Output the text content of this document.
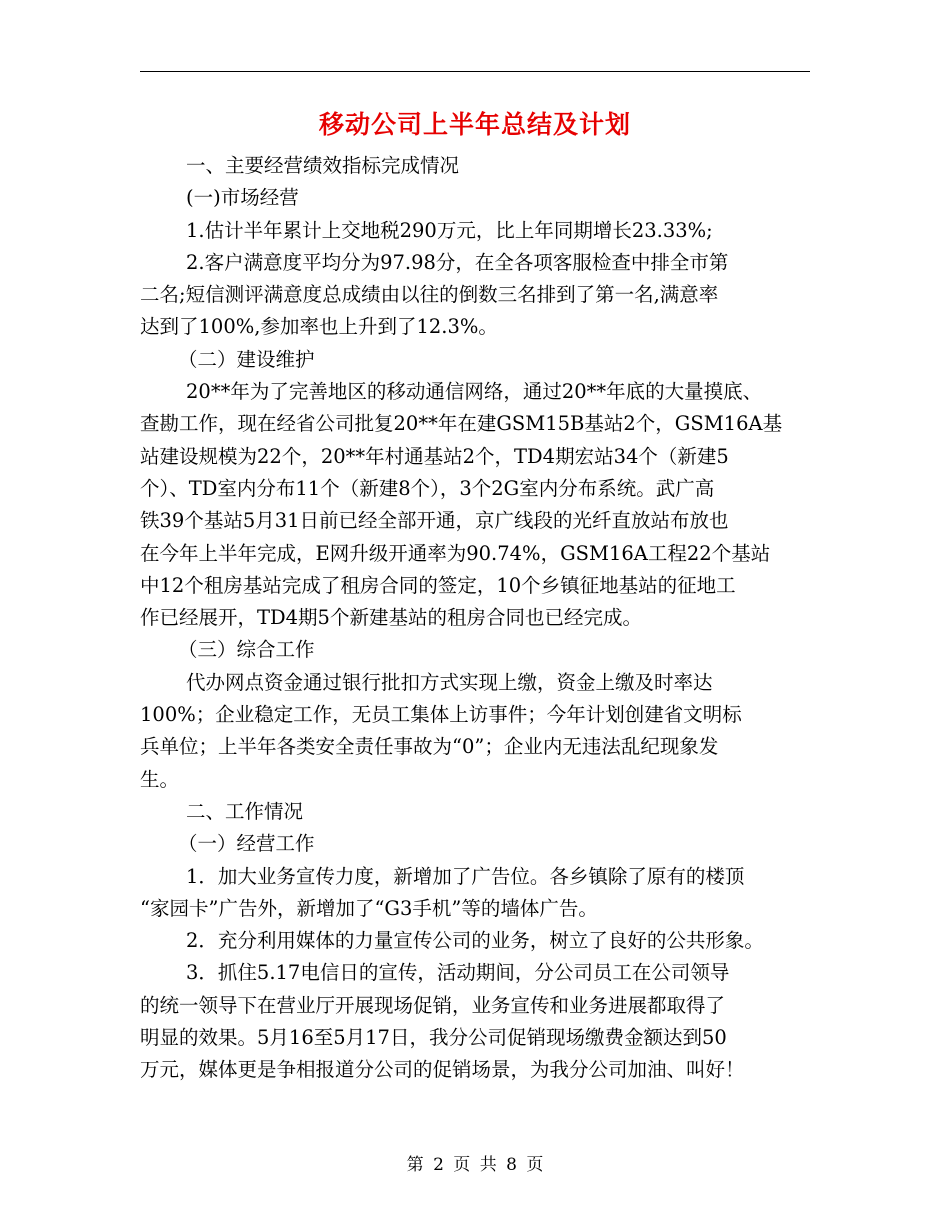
移动公司上半年总结及计划

一、主要经营绩效指标完成情况

(一)市场经营

1.估计半年累计上交地税290万元，比上年同期增长23.33%;

2.客户满意度平均分为97.98分，在全各项客服检查中排全市第

二名;短信测评满意度总成绩由以往的倒数三名排到了第一名,满意率

达到了100%,参加率也上升到了12.3%。

（二）建设维护

20**年为了完善地区的移动通信网络，通过20**年底的大量摸底、

查勘工作，现在经省公司批复20**年在建GSM15B基站2个，GSM16A基

站建设规模为22个，20**年村通基站2个，TD4期宏站34个（新建5

个）、TD室内分布11个（新建8个），3个2G室内分布系统。武广高

铁39个基站5月31日前已经全部开通，京广线段的光纤直放站布放也

在今年上半年完成，E网升级开通率为90.74%，GSM16A工程22个基站

中12个租房基站完成了租房合同的签定，10个乡镇征地基站的征地工

作已经展开，TD4期5个新建基站的租房合同也已经完成。

（三）综合工作

代办网点资金通过银行批扣方式实现上缴，资金上缴及时率达

100%；企业稳定工作，无员工集体上访事件；今年计划创建省文明标

兵单位；上半年各类安全责任事故为“0”；企业内无违法乱纪现象发

生。

二、工作情况

（一）经营工作

1．加大业务宣传力度，新增加了广告位。各乡镇除了原有的楼顶

“家园卡”广告外，新增加了“G3手机”等的墙体广告。

2．充分利用媒体的力量宣传公司的业务，树立了良好的公共形象。

3．抓住5.17电信日的宣传，活动期间，分公司员工在公司领导

的统一领导下在营业厅开展现场促销，业务宣传和业务进展都取得了

明显的效果。5月16至5月17日，我分公司促销现场缴费金额达到50

万元，媒体更是争相报道分公司的促销场景，为我分公司加油、叫好！

第 2 页 共 8 页
